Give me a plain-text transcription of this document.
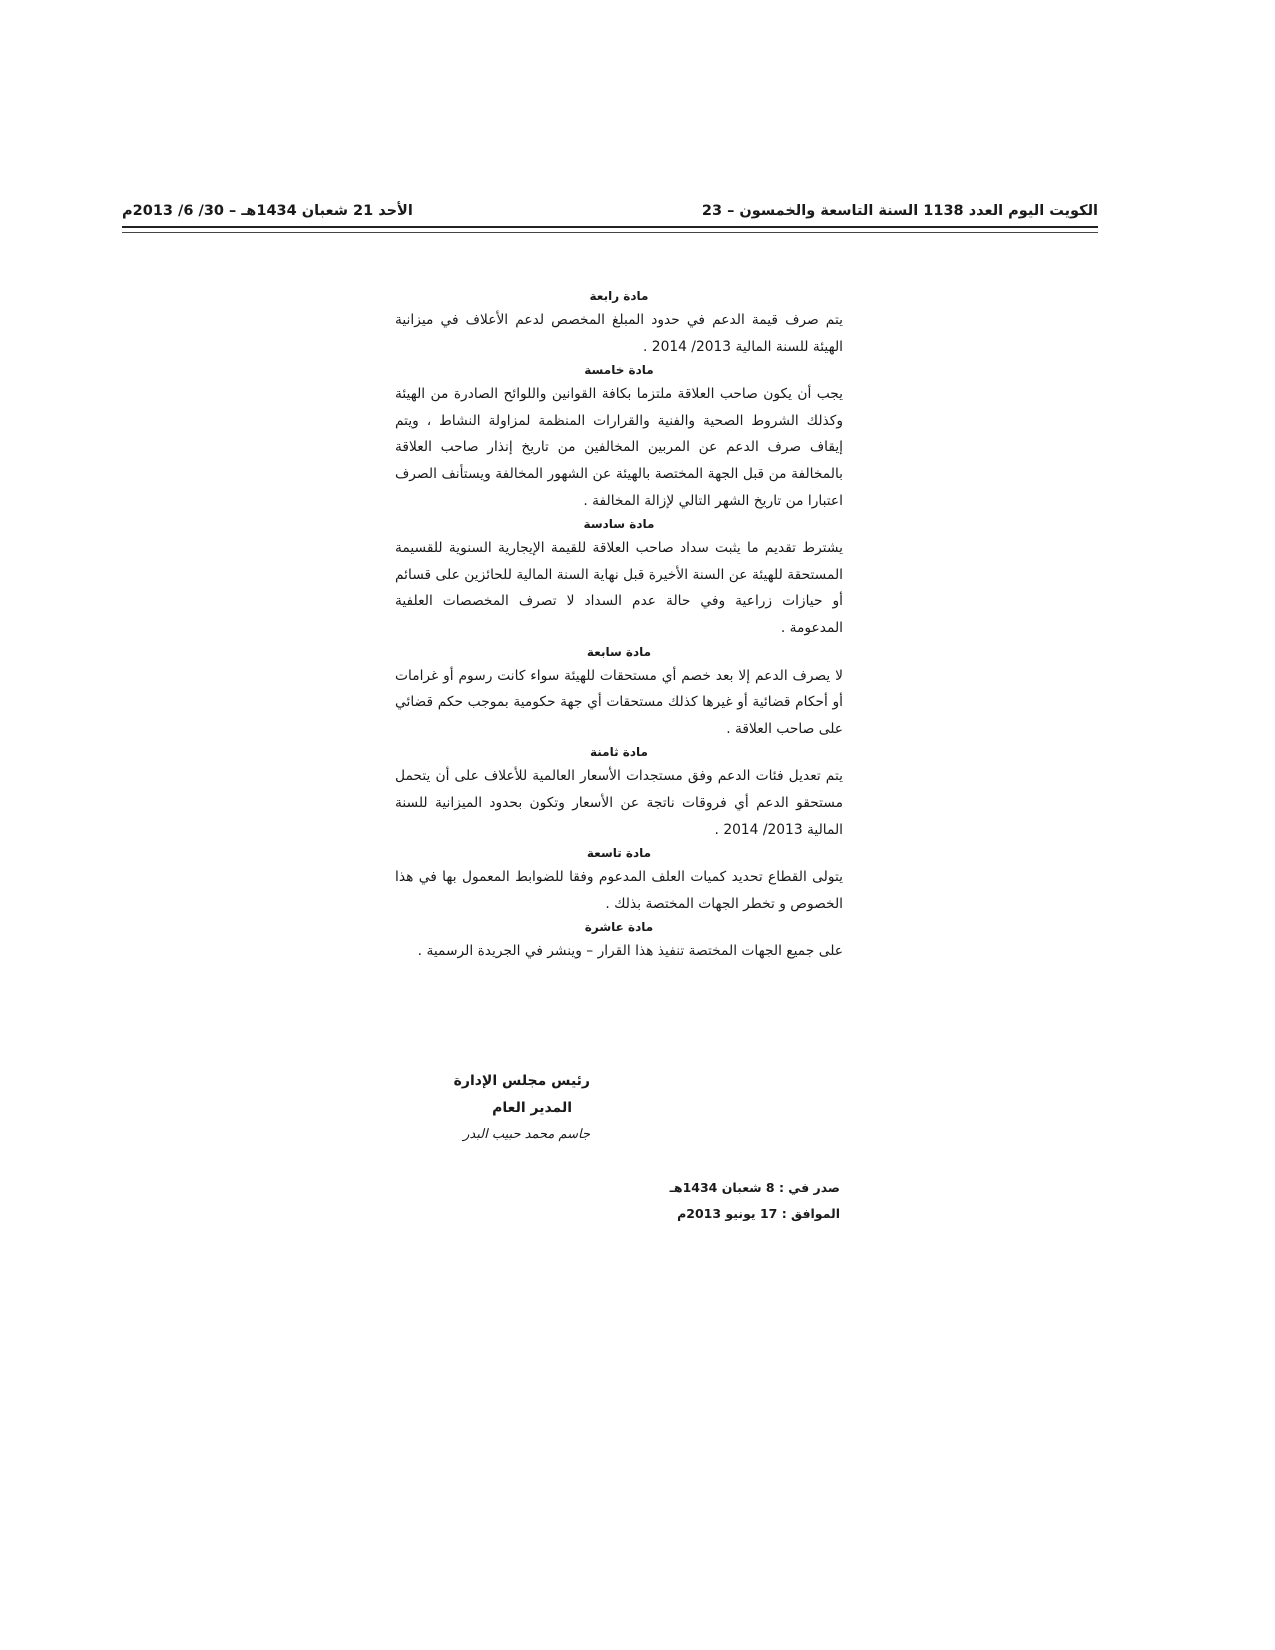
الكويت اليوم العدد 1138 السنة التاسعة والخمسون – 23
الأحد 21 شعبان 1434هـ – 30/ 6/ 2013م
مادة رابعة

يتم صرف قيمة الدعم في حدود المبلغ المخصص لدعم الأعلاف في ميزانية الهيئة للسنة المالية 2013/ 2014 .

مادة خامسة

يجب أن يكون صاحب العلاقة ملتزما بكافة القوانين واللوائح الصادرة من الهيئة وكذلك الشروط الصحية والفنية والقرارات المنظمة لمزاولة النشاط ، ويتم إيقاف صرف الدعم عن المربين المخالفين من تاريخ إنذار صاحب العلاقة بالمخالفة من قبل الجهة المختصة بالهيئة عن الشهور المخالفة ويستأنف الصرف اعتبارا من تاريخ الشهر التالي لإزالة المخالفة .

مادة سادسة

يشترط تقديم ما يثبت سداد صاحب العلاقة للقيمة الإيجارية السنوية للقسيمة المستحقة للهيئة عن السنة الأخيرة قبل نهاية السنة المالية للحائزين على قسائم أو حيازات زراعية وفي حالة عدم السداد لا تصرف المخصصات العلفية المدعومة .

مادة سابعة

لا يصرف الدعم إلا بعد خصم أي مستحقات للهيئة سواء كانت رسوم أو غرامات أو أحكام قضائية أو غيرها كذلك مستحقات أي جهة حكومية بموجب حكم قضائي على صاحب العلاقة .

مادة ثامنة

يتم تعديل فئات الدعم وفق مستجدات الأسعار العالمية للأعلاف على أن يتحمل مستحقو الدعم أي فروقات ناتجة عن الأسعار وتكون بحدود الميزانية للسنة المالية 2013/ 2014 .

مادة تاسعة

يتولى القطاع تحديد كميات العلف المدعوم وفقا للضوابط المعمول بها في هذا الخصوص و تخطر الجهات المختصة بذلك .

مادة عاشرة

على جميع الجهات المختصة تنفيذ هذا القرار – وينشر في الجريدة الرسمية .

رئيس مجلس الإدارة
المدير العام
جاسم محمد حبيب البدر
صدر في : 8 شعبان 1434هـ
الموافق : 17 يونيو 2013م
